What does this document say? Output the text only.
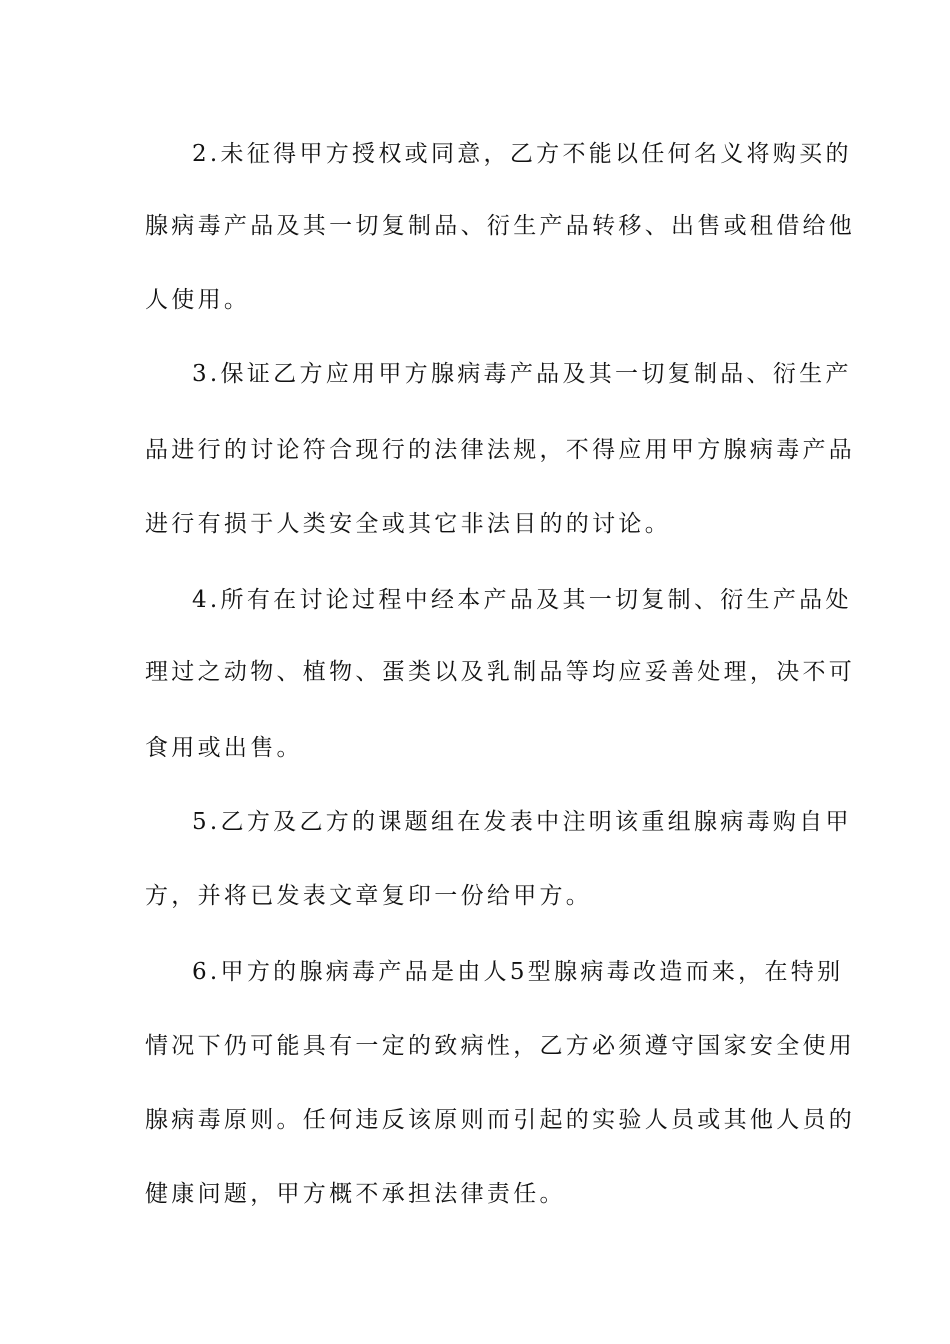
2.未征得甲方授权或同意，乙方不能以任何名义将购买的
腺病毒产品及其一切复制品、衍生产品转移、出售或租借给他
人使用。
3.保证乙方应用甲方腺病毒产品及其一切复制品、衍生产
品进行的讨论符合现行的法律法规，不得应用甲方腺病毒产品
进行有损于人类安全或其它非法目的的讨论。
4.所有在讨论过程中经本产品及其一切复制、衍生产品处
理过之动物、植物、蛋类以及乳制品等均应妥善处理，决不可
食用或出售。
5.乙方及乙方的课题组在发表中注明该重组腺病毒购自甲
方，并将已发表文章复印一份给甲方。
6.甲方的腺病毒产品是由人5型腺病毒改造而来，在特别
情况下仍可能具有一定的致病性，乙方必须遵守国家安全使用
腺病毒原则。任何违反该原则而引起的实验人员或其他人员的
健康问题，甲方概不承担法律责任。
